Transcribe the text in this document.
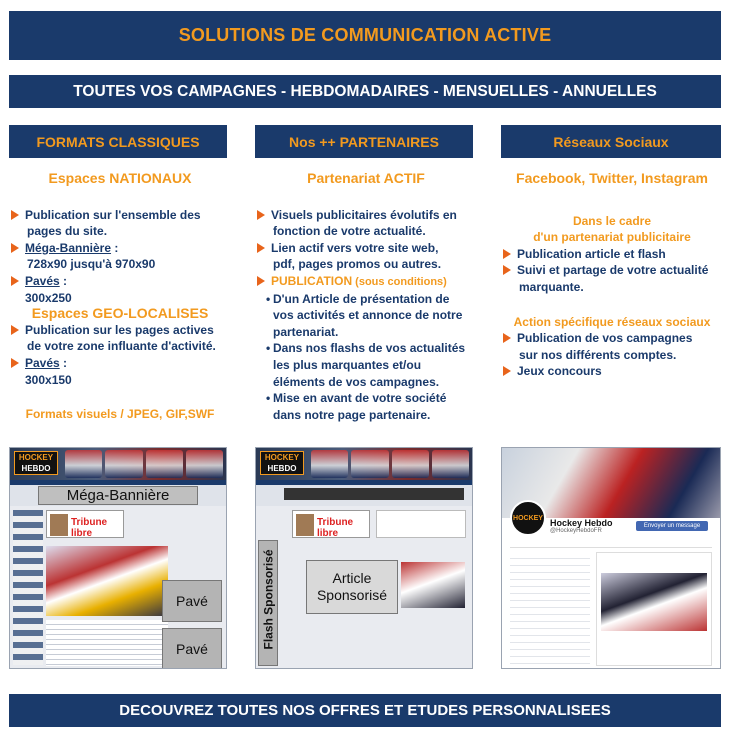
SOLUTIONS DE COMMUNICATION ACTIVE
TOUTES VOS CAMPAGNES - HEBDOMADAIRES - MENSUELLES - ANNUELLES
FORMATS CLASSIQUES	Nos ++ PARTENAIRES	Réseaux Sociaux
Espaces NATIONAUX
Publication sur l'ensemble des
pages du site.
Méga-Bannière :
728x90 jusqu'à 970x90
Pavés :
300x250
Espaces GEO-LOCALISES
Publication sur les pages actives
de votre zone influante d'activité.
Pavés :
300x150
Formats visuels / JPEG, GIF,SWF
Partenariat ACTIF
Visuels publicitaires évolutifs en
fonction de votre actualité.
Lien actif vers votre site web,
pdf, pages promos ou autres.
PUBLICATION (sous conditions)
• D'un Article de présentation de
vos activités et annonce de notre
partenariat.
• Dans nos flashs de vos actualités
les plus marquantes et/ou
éléments de vos campagnes.
• Mise en avant de votre société
dans notre page partenaire.
Facebook, Twitter, Instagram
Dans le cadre
d'un partenariat publicitaire
Publication article et flash
Suivi et partage de votre actualité
marquante.
Action spécifique réseaux sociaux
Publication de vos campagnes
sur nos différents comptes.
Jeux concours
HOCKEY
HEBDO
Méga-Bannière
Tribune libre
Pavé
Pavé
HOCKEY
HEBDO
Tribune libre
Flash Sponsorisé	Article
Sponsorisé
HOCKEY Hockey Hebdo
@HockeyHebdoFR
Envoyer un message
DECOUVREZ TOUTES NOS OFFRES ET ETUDES PERSONNALISEES
